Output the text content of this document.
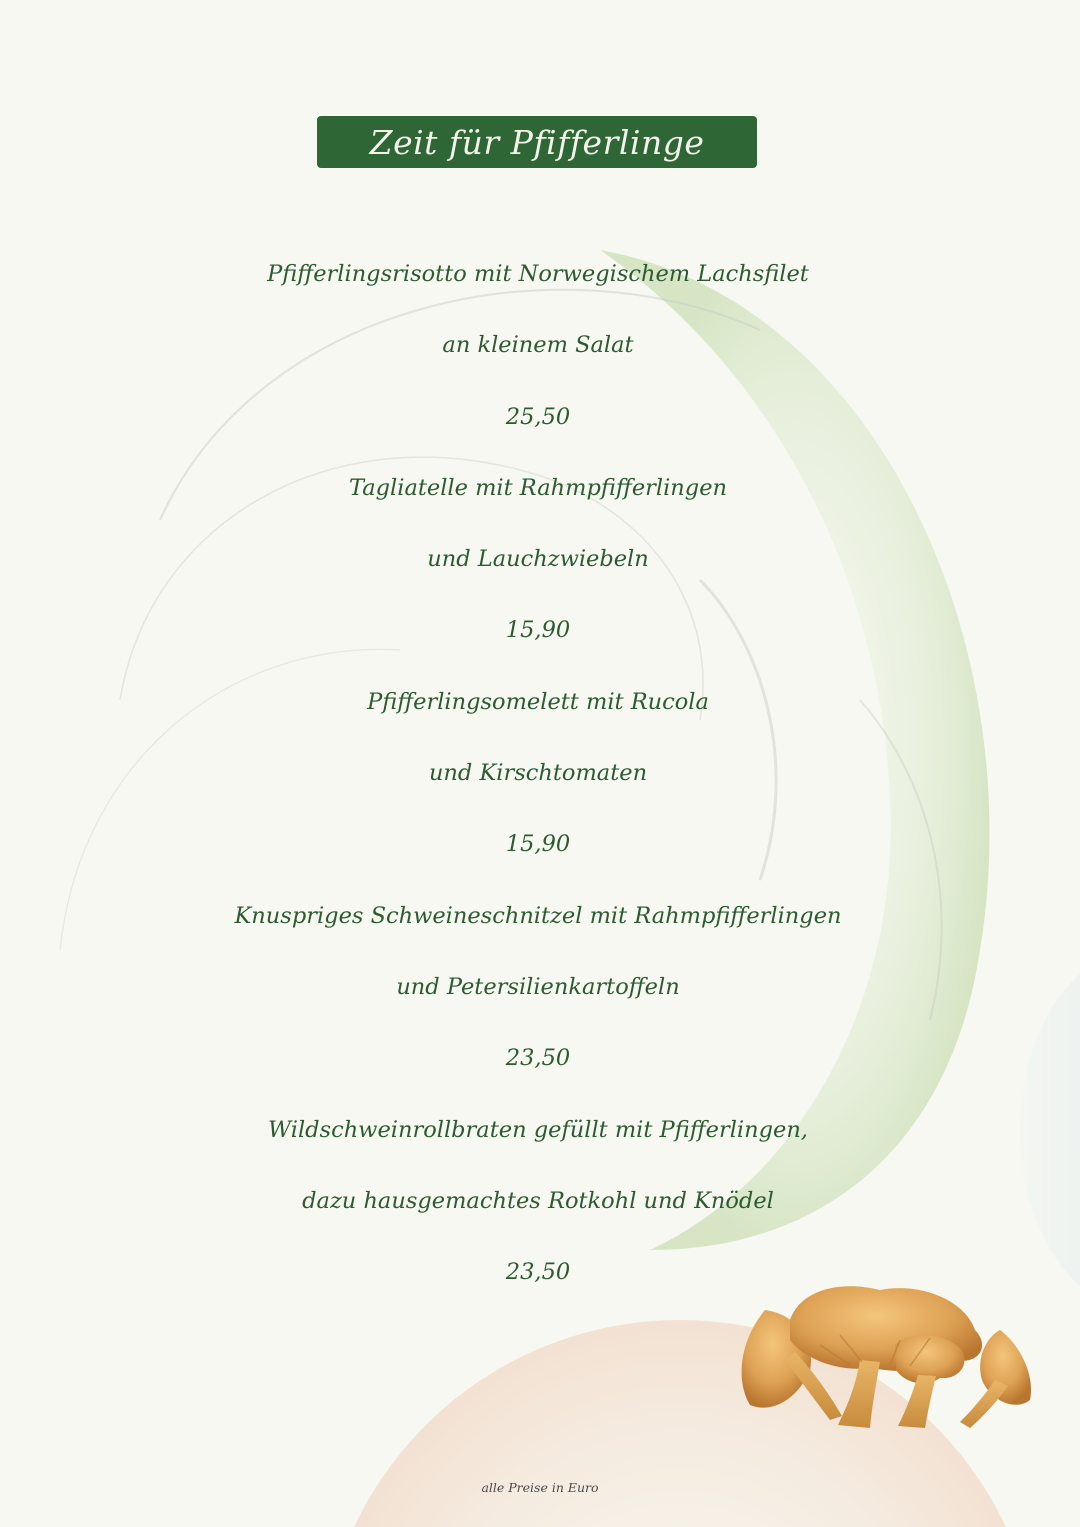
Zeit für Pfifferlinge
Pfifferlingsrisotto mit Norwegischem Lachsfilet
an kleinem Salat
25,50
Tagliatelle mit Rahmpfifferlingen
und Lauchzwiebeln
15,90
Pfifferlingsomelett mit Rucola
und Kirschtomaten
15,90
Knuspriges Schweineschnitzel mit Rahmpfifferlingen
und Petersilienkartoffeln
23,50
Wildschweinrollbraten gefüllt mit Pfifferlingen,
dazu hausgemachtes Rotkohl und Knödel
23,50
alle Preise in Euro
